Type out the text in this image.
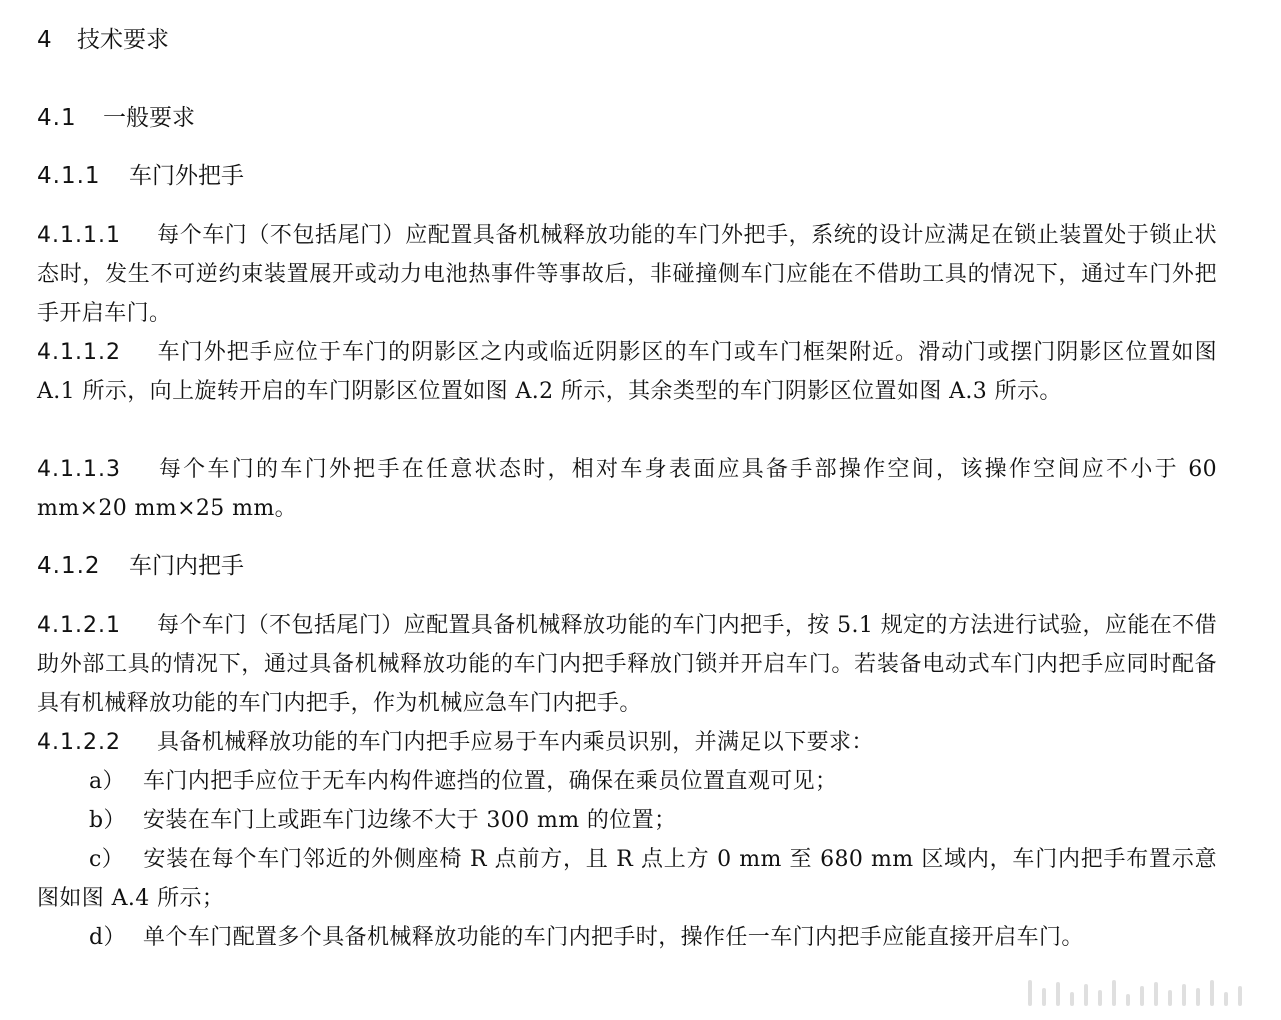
4 技术要求
4.1 一般要求
4.1.1 车门外把手
4.1.1.1 每个车门（不包括尾门）应配置具备机械释放功能的车门外把手，系统的设计应满足在锁止装置处于锁止状态时，发生不可逆约束装置展开或动力电池热事件等事故后，非碰撞侧车门应能在不借助工具的情况下，通过车门外把手开启车门。
4.1.1.2 车门外把手应位于车门的阴影区之内或临近阴影区的车门或车门框架附近。滑动门或摆门阴影区位置如图 A.1 所示，向上旋转开启的车门阴影区位置如图 A.2 所示，其余类型的车门阴影区位置如图 A.3 所示。
4.1.1.3 每个车门的车门外把手在任意状态时，相对车身表面应具备手部操作空间，该操作空间应不小于 60 mm×20 mm×25 mm。
4.1.2 车门内把手
4.1.2.1 每个车门（不包括尾门）应配置具备机械释放功能的车门内把手，按 5.1 规定的方法进行试验，应能在不借助外部工具的情况下，通过具备机械释放功能的车门内把手释放门锁并开启车门。若装备电动式车门内把手应同时配备具有机械释放功能的车门内把手，作为机械应急车门内把手。
4.1.2.2 具备机械释放功能的车门内把手应易于车内乘员识别，并满足以下要求：
a） 车门内把手应位于无车内构件遮挡的位置，确保在乘员位置直观可见；
b） 安装在车门上或距车门边缘不大于 300 mm 的位置；
c） 安装在每个车门邻近的外侧座椅 R 点前方，且 R 点上方 0 mm 至 680 mm 区域内，车门内把手布置示意图如图 A.4 所示；
d） 单个车门配置多个具备机械释放功能的车门内把手时，操作任一车门内把手应能直接开启车门。
